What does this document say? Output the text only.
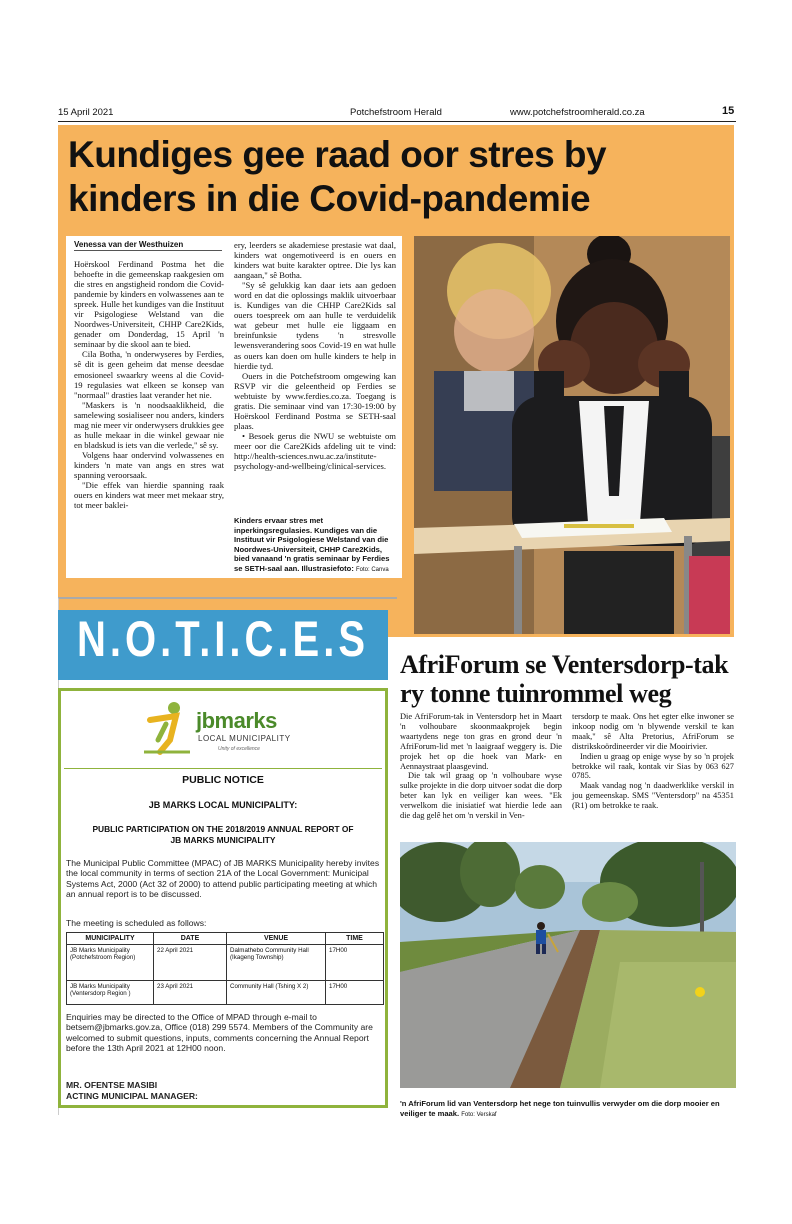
15 April 2021	Potchefstroom Herald	www.potchefstroomherald.co.za	15
Kundiges gee raad oor stres by kinders in die Covid-pandemie
Venessa van der Westhuizen

Hoërskool Ferdinand Postma het die behoefte in die gemeenskap raakgesien om die stres en angstigheid rondom die Covid-pandemie by kinders en volwassenes aan te spreek. Hulle het kundiges van die Instituut vir Psigologiese Welstand van die Noordwes-Universiteit, CHHP Care2Kids, genader om Donderdag, 15 April 'n seminaar by die skool aan te bied.

Cila Botha, 'n onderwyseres by Ferdies, sê dit is geen geheim dat mense deesdae emosioneel swaarkry weens al die Covid-19 regulasies wat elkeen se konsep van "normaal" drasties laat verander het nie.

"Maskers is 'n noodsaaklikheid, die samelewing sosialiseer nou anders, kinders mag nie meer vir onderwysers drukkies gee as hulle mekaar in die winkel gewaar nie en bladskud is iets van die verlede," sê sy.

Volgens haar ondervind volwassenes en kinders 'n mate van angs en stres wat spanning veroorsaak.

"Die effek van hierdie spanning raak ouers en kinders wat meer met mekaar stry, tot meer baklei-

ery, leerders se akademiese prestasie wat daal, kinders wat ongemotiveerd is en ouers en kinders wat buite karakter optree. Die lys kan aangaan," sê Botha.

"Sy sê gelukkig kan daar iets aan gedoen word en dat die oplossings maklik uitvoerbaar is. Kundiges van die CHHP Care2Kids sal ouers toespreek om aan hulle te verduidelik wat gebeur met hulle eie liggaam en breinfunksie tydens 'n stresvolle lewensverandering soos Covid-19 en wat hulle as ouers kan doen om hulle kinders te help in hierdie tyd.

Ouers in die Potchefstroom omgewing kan RSVP vir die geleentheid op Ferdies se webtuiste by www.ferdies.co.za. Toegang is gratis. Die seminaar vind van 17:30-19:00 by Hoërskool Ferdinand Postma se SETH-saal plaas.

• Besoek gerus die NWU se webtuiste om meer oor die Care2Kids afdeling uit te vind: http://health-sciences.nwu.ac.za/institute-psychology-and-wellbeing/clinical-services.

Kinders ervaar stres met inperkingsregulasies. Kundiges van die Instituut vir Psigologiese Welstand van die Noordwes-Universiteit, CHHP Care2Kids, bied vanaand 'n gratis seminaar by Ferdies se SETH-saal aan. Illustrasiefoto: Foto: Canva
N.O.T.I.C.E.S
jbmarks
LOCAL MUNICIPALITY
Unity of excellence
PUBLIC NOTICE
JB MARKS LOCAL MUNICIPALITY:
PUBLIC PARTICIPATION ON THE 2018/2019 ANNUAL REPORT OF JB MARKS MUNICIPALITY
The Municipal Public Committee (MPAC) of JB MARKS Municipality hereby invites the local community in terms of section 21A of the Local Government: Municipal Systems Act, 2000 (Act 32 of 2000) to attend public participating meeting at which an annual report is to be discussed.
The meeting is scheduled as follows:
MUNICIPALITY	DATE	VENUE	TIME
JB Marks Municipality (Potchefstroom Region)	22 April 2021	Dalmathebo Community Hall (Ikageng Township)	17H00
JB Marks Municipality (Ventersdorp Region )	23 April 2021	Community Hall (Tshing X 2)	17H00
Enquiries may be directed to the Office of MPAD through e-mail to betsem@jbmarks.gov.za, Office (018) 299 5574. Members of the Community are welcomed to submit questions, inputs, comments concerning the Annual Report before the 13th April 2021 at 12H00 noon.
MR. OFENTSE MASIBI
ACTING MUNICIPAL MANAGER:
AfriForum se Ventersdorp-tak ry tonne tuinrommel weg

Die AfriForum-tak in Ventersdorp het in Maart 'n volhoubare skoonmaakprojek begin waartydens nege ton gras en grond deur 'n AfriForum-lid met 'n laaigraaf weggery is. Die projek het op die hoek van Mark- en Aennaystraat plaasgevind.

Die tak wil graag op 'n volhoubare wyse sulke projekte in die dorp uitvoer sodat die dorp beter kan lyk en veiliger kan wees. "Ek verwelkom die inisiatief wat hierdie lede aan die dag gelê het om 'n verskil in Ven-

tersdorp te maak. Ons het egter elke inwoner se inkoop nodig om 'n blywende verskil te kan maak," sê Alta Pretorius, AfriForum se distrikskoördineerder vir die Mooirivier.

Indien u graag op enige wyse by so 'n projek betrokke wil raak, kontak vir Sias by 063 627 0785.

Maak vandag nog 'n daadwerklike verskil in jou gemeenskap. SMS "Ventersdorp" na 45351 (R1) om betrokke te raak.

'n AfriForum lid van Ventersdorp het nege ton tuinvullis verwyder om die dorp mooier en veiliger te maak. Foto: Verskaf
